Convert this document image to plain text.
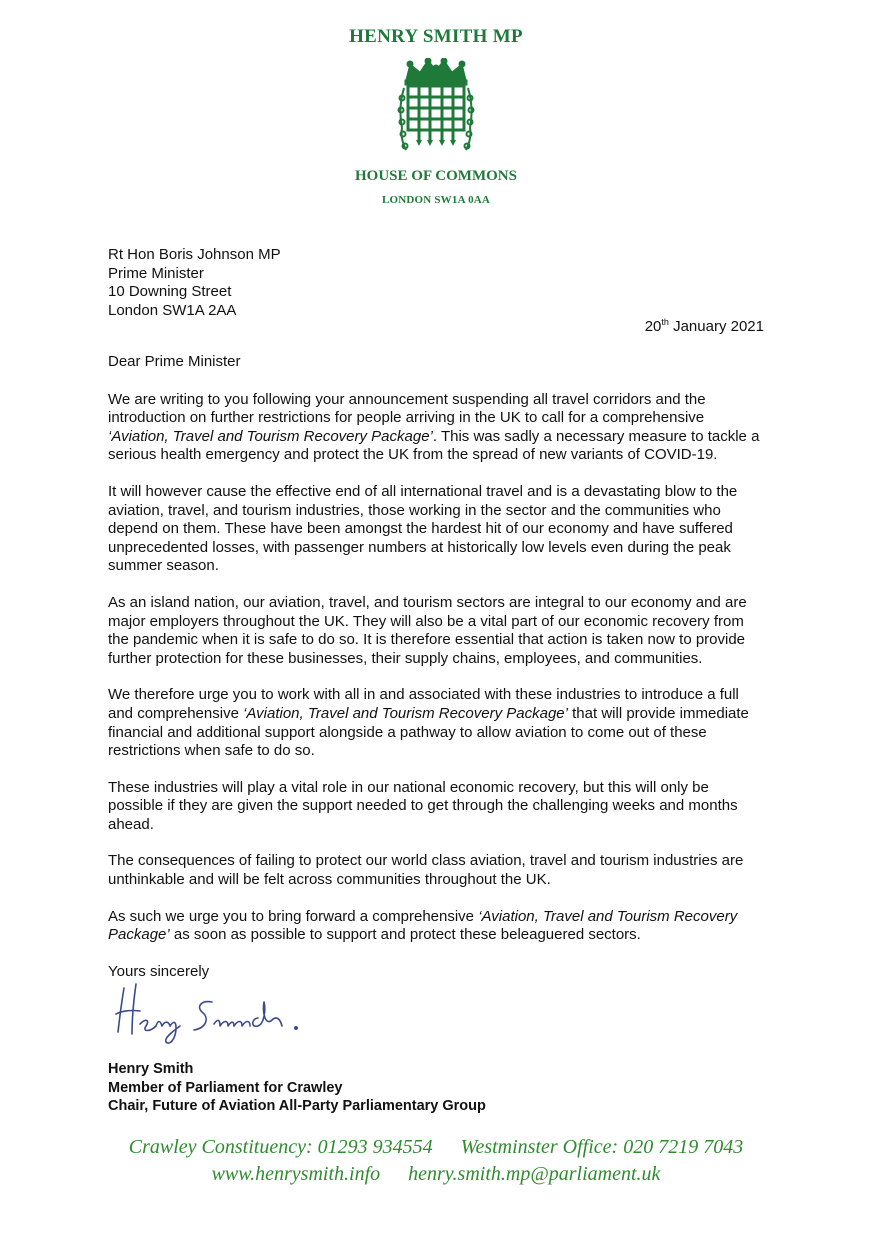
HENRY SMITH MP
HOUSE OF COMMONS
LONDON SW1A 0AA
Rt Hon Boris Johnson MP
Prime Minister
10 Downing Street
London SW1A 2AA
20th January 2021

Dear Prime Minister

We are writing to you following your announcement suspending all travel corridors and the introduction on further restrictions for people arriving in the UK to call for a comprehensive ‘Aviation, Travel and Tourism Recovery Package’. This was sadly a necessary measure to tackle a serious health emergency and protect the UK from the spread of new variants of COVID-19.

It will however cause the effective end of all international travel and is a devastating blow to the aviation, travel, and tourism industries, those working in the sector and the communities who depend on them. These have been amongst the hardest hit of our economy and have suffered unprecedented losses, with passenger numbers at historically low levels even during the peak summer season.

As an island nation, our aviation, travel, and tourism sectors are integral to our economy and are major employers throughout the UK. They will also be a vital part of our economic recovery from the pandemic when it is safe to do so. It is therefore essential that action is taken now to provide further protection for these businesses, their supply chains, employees, and communities.

We therefore urge you to work with all in and associated with these industries to introduce a full and comprehensive ‘Aviation, Travel and Tourism Recovery Package’ that will provide immediate financial and additional support alongside a pathway to allow aviation to come out of these restrictions when safe to do so.

These industries will play a vital role in our national economic recovery, but this will only be possible if they are given the support needed to get through the challenging weeks and months ahead.

The consequences of failing to protect our world class aviation, travel and tourism industries are unthinkable and will be felt across communities throughout the UK.

As such we urge you to bring forward a comprehensive ‘Aviation, Travel and Tourism Recovery Package’ as soon as possible to support and protect these beleaguered sectors.

Yours sincerely

Henry Smith
Member of Parliament for Crawley
Chair, Future of Aviation All-Party Parliamentary Group
Crawley Constituency: 01293 934554 Westminster Office: 020 7219 7043
www.henrysmith.info henry.smith.mp@parliament.uk
